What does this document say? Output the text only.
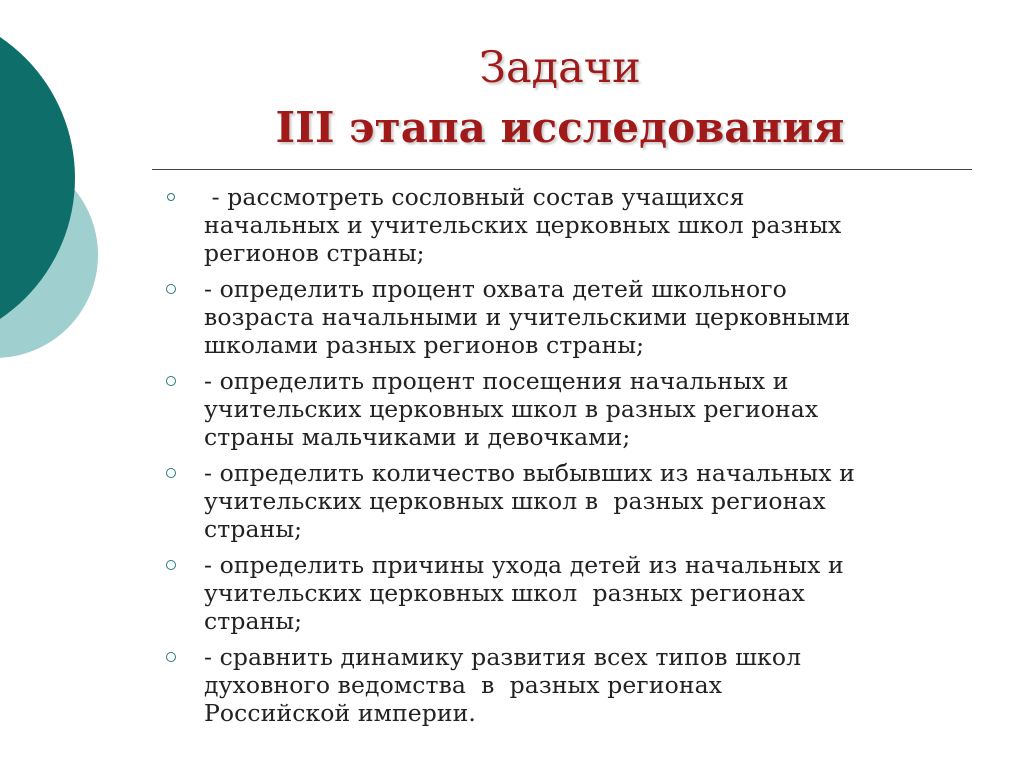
Задачи
III этапа исследования
- рассмотреть сословный состав учащихся
начальных и учительских церковных школ разных
регионов страны;
- определить процент охвата детей школьного
возраста начальными и учительскими церковными
школами разных регионов страны;
- определить процент посещения начальных и
учительских церковных школ в разных регионах
страны мальчиками и девочками;
- определить количество выбывших из начальных и
учительских церковных школ в  разных регионах
страны;
- определить причины ухода детей из начальных и
учительских церковных школ  разных регионах
страны;
- сравнить динамику развития всех типов школ
духовного ведомства  в  разных регионах
Российской империи.
